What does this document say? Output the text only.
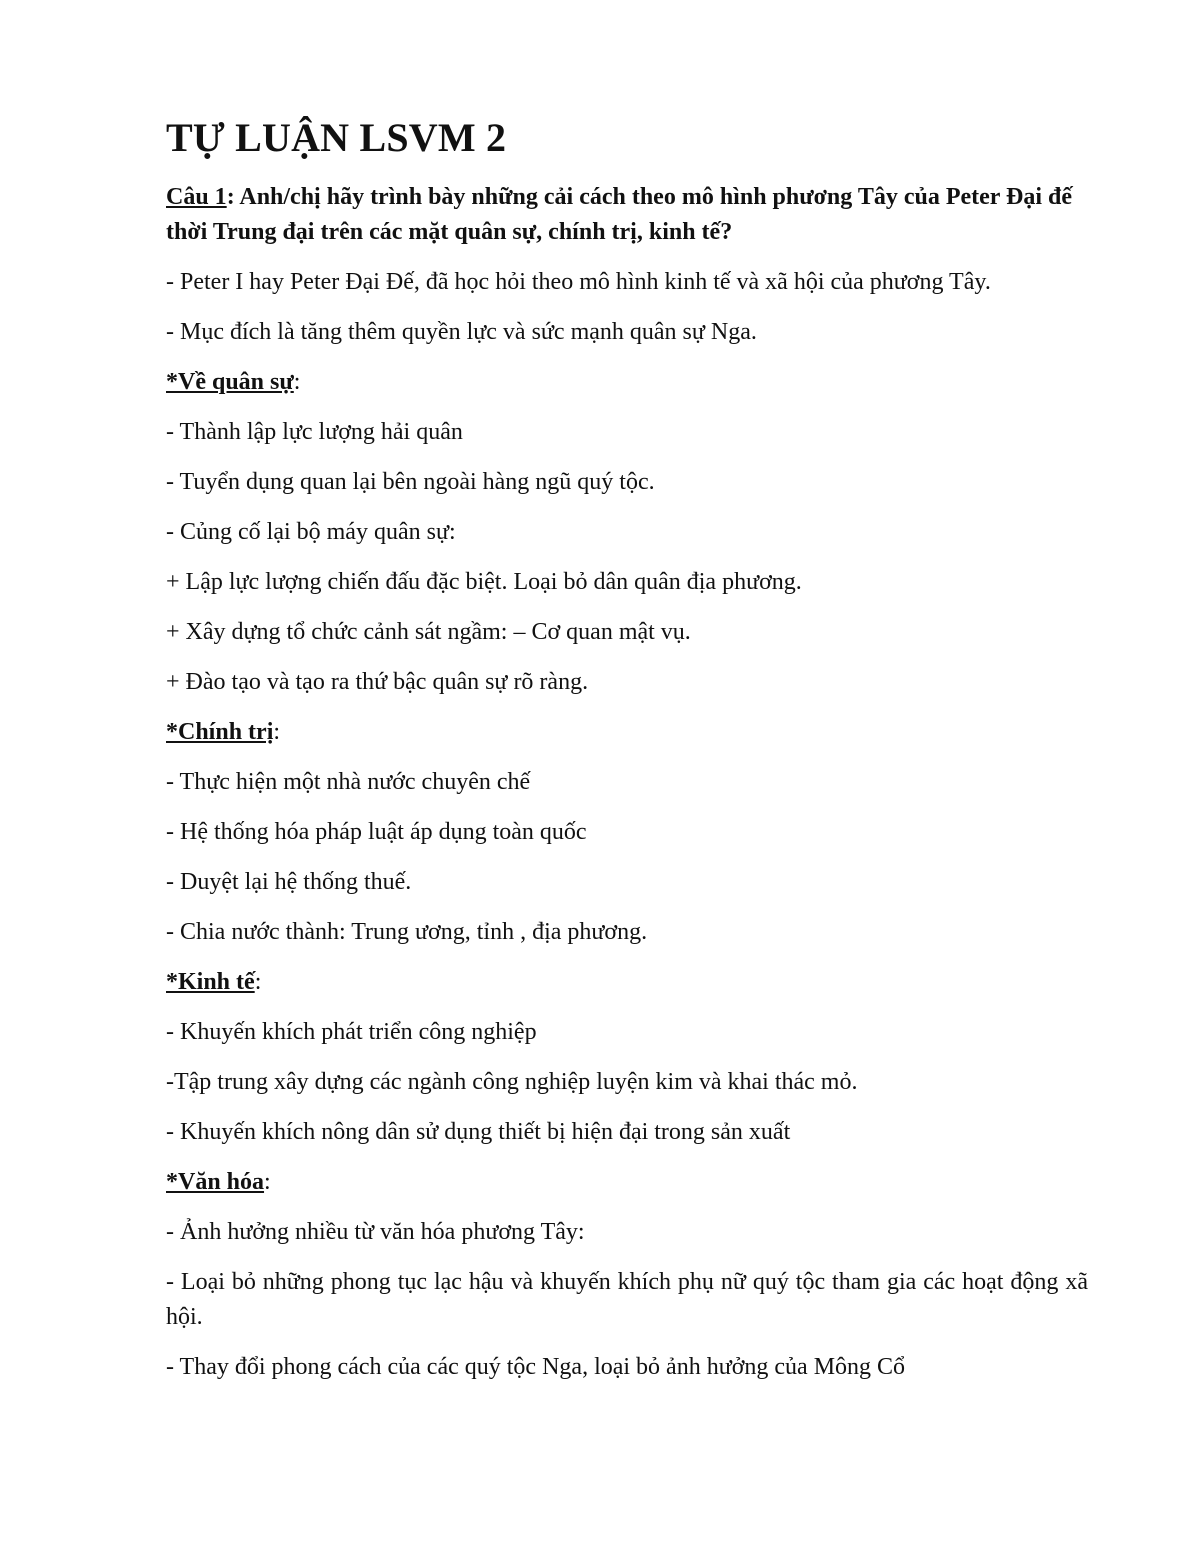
TỰ LUẬN LSVM 2
Câu 1: Anh/chị hãy trình bày những cải cách theo mô hình phương Tây của Peter Đại đế thời Trung đại trên các mặt quân sự, chính trị, kinh tế?

- Peter I hay Peter Đại Đế, đã học hỏi theo mô hình kinh tế và xã hội của phương Tây.

- Mục đích là tăng thêm quyền lực và sức mạnh quân sự Nga.

*Về quân sự:

- Thành lập lực lượng hải quân

- Tuyển dụng quan lại bên ngoài hàng ngũ quý tộc.

- Củng cố lại bộ máy quân sự:

+ Lập lực lượng chiến đấu đặc biệt. Loại bỏ dân quân địa phương.

+ Xây dựng tổ chức cảnh sát ngầm: – Cơ quan mật vụ.

+ Đào tạo và tạo ra thứ bậc quân sự rõ ràng.

*Chính trị:

- Thực hiện một nhà nước chuyên chế

- Hệ thống hóa pháp luật áp dụng toàn quốc

- Duyệt lại hệ thống thuế.

- Chia nước thành: Trung ương, tỉnh , địa phương.

*Kinh tế:

- Khuyến khích phát triển công nghiệp

-Tập trung xây dựng các ngành công nghiệp luyện kim và khai thác mỏ.

- Khuyến khích nông dân sử dụng thiết bị hiện đại trong sản xuất

*Văn hóa:

- Ảnh hưởng nhiều từ văn hóa phương Tây:

- Loại bỏ những phong tục lạc hậu và khuyến khích phụ nữ quý tộc tham gia các hoạt động xã hội.

- Thay đổi phong cách của các quý tộc Nga, loại bỏ ảnh hưởng của Mông Cổ
